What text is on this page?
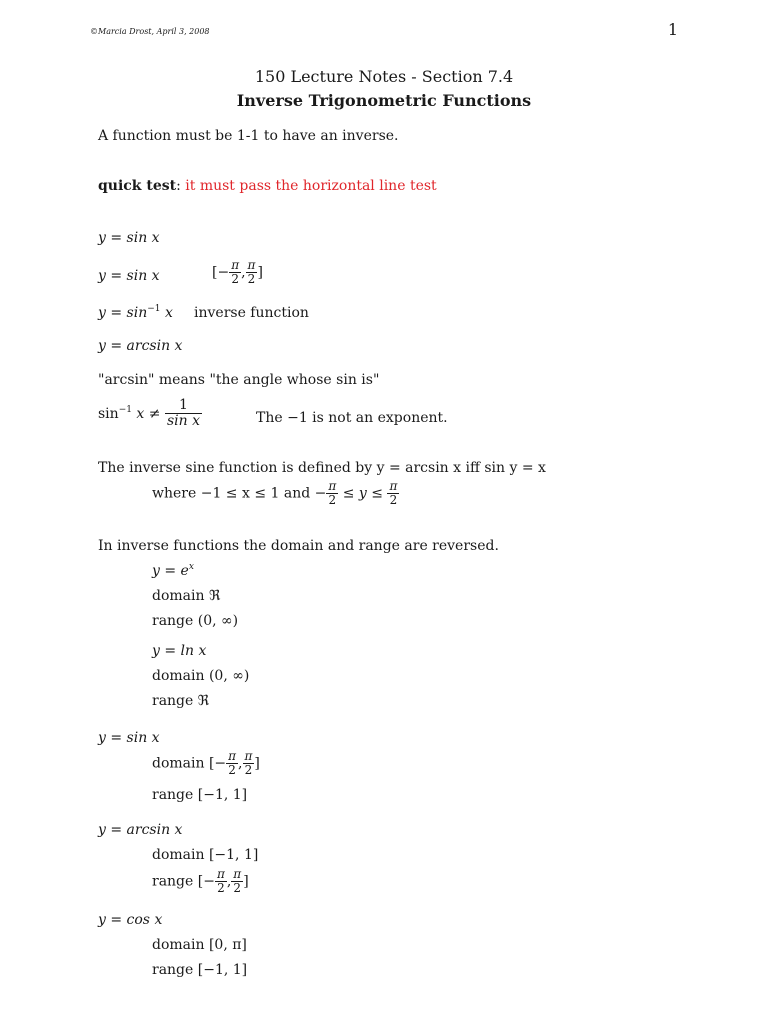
©Marcia Drost, April 3, 2008	1
150 Lecture Notes - Section 7.4
Inverse Trigonometric Functions
A function must be 1-1 to have an inverse.
quick test: it must pass the horizontal line test
y = sin x
y = sin x	[− $\frac{\pi}{2}$ , $\frac{\pi}{2}$ ]
$y = \sin^{-1} x$ inverse function
y = arcsin x
"arcsin" means "the angle whose sin is"
$\sin^{-1} x \ne \frac{1}{\text{sin x}}$	The −1 is not an exponent.
The inverse sine function is defined by y = arcsin x iff sin y = x
where −1 ≤ x ≤ 1 and − $\frac{\pi}{2} \le y \le \frac{\pi}{2}$
In inverse functions the domain and range are reversed.
$y = e^x$
domain ℜ
range (0, ∞)
y = ln x
domain (0, ∞)
range ℜ
y = sin x
domain [− $\frac{\pi}{2}$ , $\frac{\pi}{2}$ ]
range [−1, 1]
y = arcsin x
domain [−1, 1]
range [− $\frac{\pi}{2}$ , $\frac{\pi}{2}$ ]
y = cos x
domain [0, π]
range [−1, 1]
